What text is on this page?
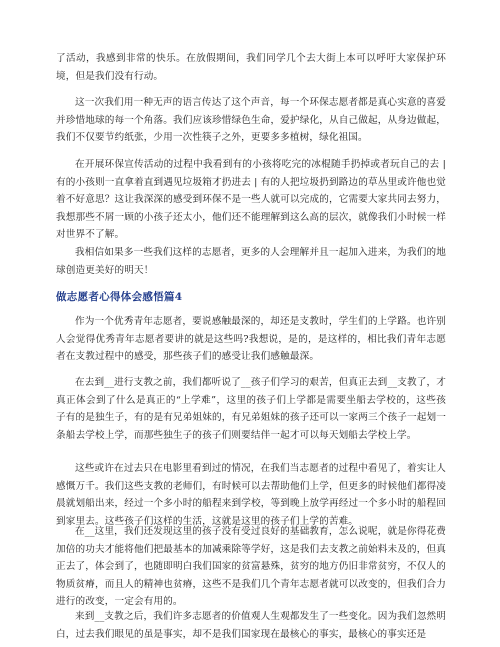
了活动，我感到非常的快乐。在放假期间，我们同学几个去大街上本可以呼吁大家保护环境，但是我们没有行动。

这一次我们用一种无声的语言传达了这个声音，每一个环保志愿者都是真心实意的喜爱并珍惜地球的每一个角落。我们应该珍惜绿色生命，爱护绿化，从自己做起，从身边做起，我们不仅要节约纸张，少用一次性筷子之外，更要多多植树，绿化祖国。

在开展环保宣传活动的过程中我看到有的小孩将吃完的冰棍随手扔掉或者玩自己的去 | 有的小孩则一直拿着直到遇见垃圾箱才扔进去 | 有的人把垃圾扔到路边的草丛里或许他也觉着不好意思？这让我深深的感受到环保不是一些人就可以完成的，它需要大家共同去努力，我想那些不屑一顾的小孩子还太小，他们还不能理解到这么高的层次，就像我们小时候一样对世界不了解。

我相信如果多一些我们这样的志愿者，更多的人会理解并且一起加入进来，为我们的地球创造更美好的明天！

做志愿者心得体会感悟篇4

作为一个优秀青年志愿者，要说感触最深的，却还是支教时，学生们的上学路。也许别人会觉得优秀青年志愿者要讲的就是这些吗?我想说，是的，是这样的，相比我们青年志愿者在支教过程中的感受，那些孩子们的感受让我们感触最深。

在去到__进行支教之前，我们都听说了__孩子们学习的艰苦，但真正去到__支教了，才真正体会到了什么是真正的“上学难”，这里的孩子们上学都是需要坐船去学校的，这些孩子有的是独生子，有的是有兄弟姐妹的，有兄弟姐妹的孩子还可以一家两三个孩子一起划一条船去学校上学，而那些独生子的孩子们则要结伴一起才可以每天划船去学校上学。

这些或许在过去只在电影里看到过的情况，在我们当志愿者的过程中看见了，着实让人感慨万千。我们这些支教的老师们，有时候可以去帮助他们上学，但更多的时候他们都得凌晨就划船出来，经过一个多小时的船程来到学校，等到晚上放学再经过一个多小时的船程回到家里去。这些孩子们这样的生活，这就是这里的孩子们上学的苦难。

在__这里，我们还发现这里的孩子没有受过良好的基础教育，怎么说呢，就是你得花费加倍的功夫才能将他们把最基本的加减乘除等学好，这是我们去支教之前始料未及的，但真正去了，体会到了，也随即明白我们国家的贫富悬殊，贫穷的地方仍旧非常贫穷，不仅人的物质贫瘠，而且人的精神也贫瘠，这些不是我们几个青年志愿者就可以改变的，但我们合力进行的改变，一定会有用的。

来到__支教之后，我们许多志愿者的价值观人生观都发生了一些变化。因为我们忽然明白，过去我们眼见的虽是事实，却不是我们国家现在最核心的事实，最核心的事实还是
